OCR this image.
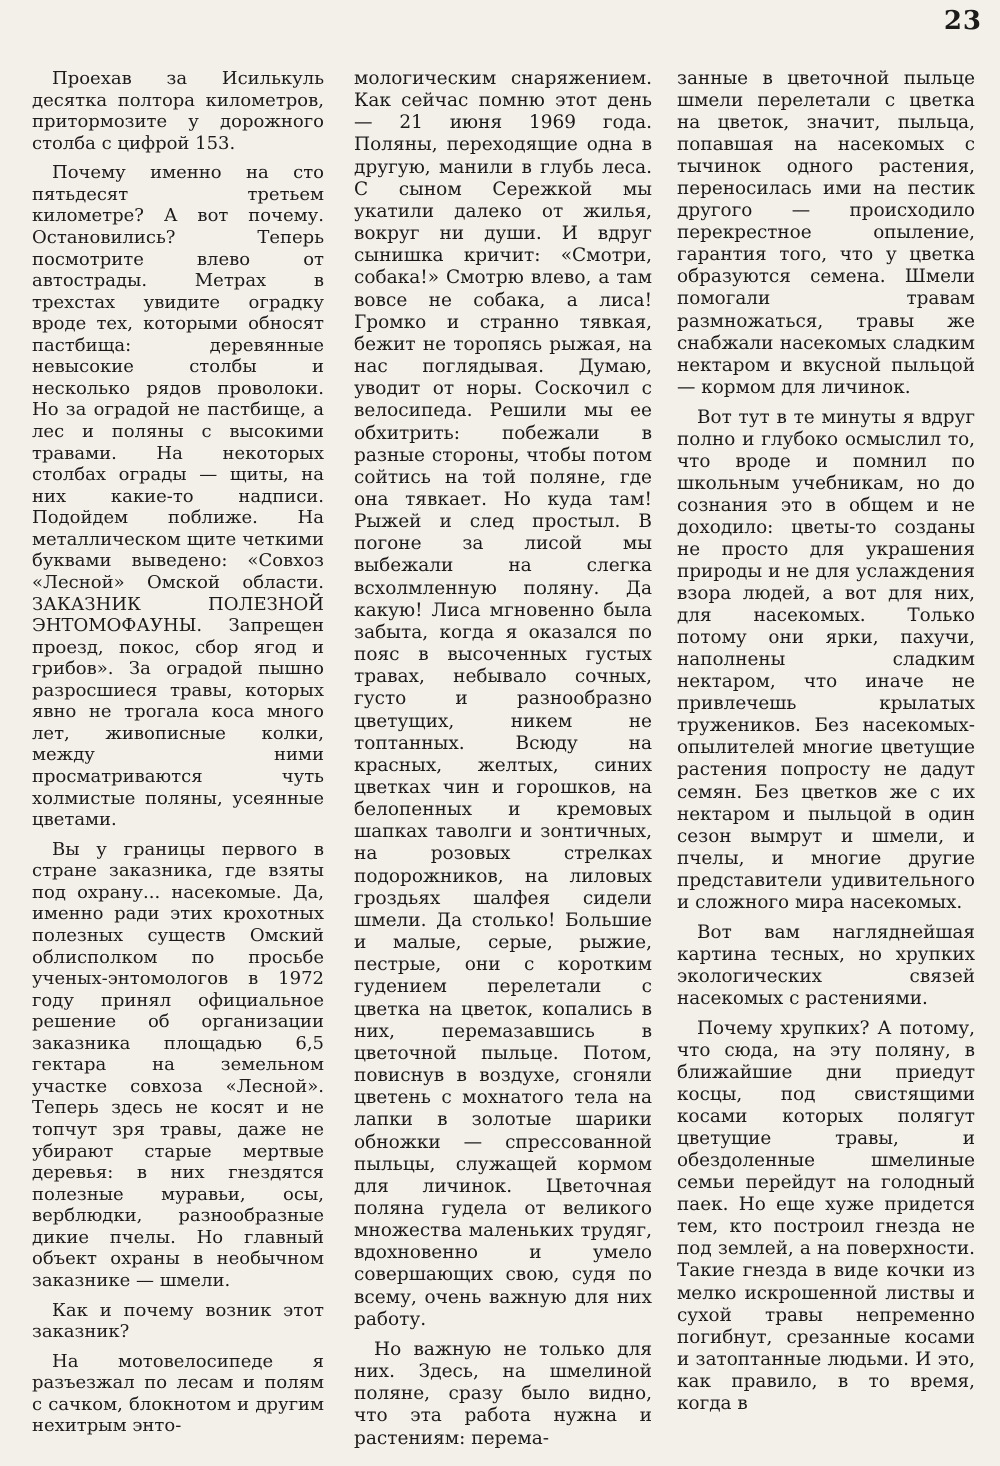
23

Проехав за Исилькуль десятка полтора километров, притормозите у дорожного столба с цифрой 153.

Почему именно на сто пятьдесят третьем километре? А вот почему. Остановились? Теперь посмотрите влево от автострады. Метрах в трехстах увидите оградку вроде тех, которыми обносят пастбища: деревянные невысокие столбы и несколько рядов проволоки. Но за оградой не пастбище, а лес и поляны с высокими травами. На некоторых столбах ограды — щиты, на них какие-то надписи. Подойдем поближе. На металлическом щите четкими буквами выведено: «Совхоз «Лесной» Омской области. ЗАКАЗНИК ПОЛЕЗНОЙ ЭНТОМОФАУНЫ. Запрещен проезд, покос, сбор ягод и грибов». За оградой пышно разросшиеся травы, которых явно не трогала коса много лет, живописные колки, между ними просматриваются чуть холмистые поляны, усеянные цветами.

Вы у границы первого в стране заказника, где взяты под охрану... насекомые. Да, именно ради этих крохотных полезных существ Омский облисполком по просьбе ученых-энтомологов в 1972 году принял официальное решение об организации заказника площадью 6,5 гектара на земельном участке совхоза «Лесной». Теперь здесь не косят и не топчут зря травы, даже не убирают старые мертвые деревья: в них гнездятся полезные муравьи, осы, верблюдки, разнообразные дикие пчелы. Но главный объект охраны в необычном заказнике — шмели.

Как и почему возник этот заказник?

На мотовелосипеде я разъезжал по лесам и полям с сачком, блокнотом и другим нехитрым энто-

мологическим снаряжением. Как сейчас помню этот день — 21 июня 1969 года. Поляны, переходящие одна в другую, манили в глубь леса. С сыном Сережкой мы укатили далеко от жилья, вокруг ни души. И вдруг сынишка кричит: «Смотри, собака!» Смотрю влево, а там вовсе не собака, а лиса! Громко и странно тявкая, бежит не торопясь рыжая, на нас поглядывая. Думаю, уводит от норы. Соскочил с велосипеда. Решили мы ее обхитрить: побежали в разные стороны, чтобы потом сойтись на той поляне, где она тявкает. Но куда там! Рыжей и след простыл. В погоне за лисой мы выбежали на слегка всхолмленную поляну. Да какую! Лиса мгновенно была забыта, когда я оказался по пояс в высоченных густых травах, небывало сочных, густо и разнообразно цветущих, никем не топтанных. Всюду на красных, желтых, синих цветках чин и горошков, на белопенных и кремовых шапках таволги и зонтичных, на розовых стрелках подорожников, на лиловых гроздьях шалфея сидели шмели. Да столько! Большие и малые, серые, рыжие, пестрые, они с коротким гудением перелетали с цветка на цветок, копались в них, перемазавшись в цветочной пыльце. Потом, повиснув в воздухе, сгоняли цветень с мохнатого тела на лапки в золотые шарики обножки — спрессованной пыльцы, служащей кормом для личинок. Цветочная поляна гудела от великого множества маленьких трудяг, вдохновенно и умело совершающих свою, судя по всему, очень важную для них работу.

Но важную не только для них. Здесь, на шмелиной поляне, сразу было видно, что эта работа нужна и растениям: перема-

занные в цветочной пыльце шмели перелетали с цветка на цветок, значит, пыльца, попавшая на насекомых с тычинок одного растения, переносилась ими на пестик другого — происходило перекрестное опыление, гарантия того, что у цветка образуются семена. Шмели помогали травам размножаться, травы же снабжали насекомых сладким нектаром и вкусной пыльцой — кормом для личинок.

Вот тут в те минуты я вдруг полно и глубоко осмыслил то, что вроде и помнил по школьным учебникам, но до сознания это в общем и не доходило: цветы-то созданы не просто для украшения природы и не для услаждения взора людей, а вот для них, для насекомых. Только потому они ярки, пахучи, наполнены сладким нектаром, что иначе не привлечешь крылатых тружеников. Без насекомых-опылителей многие цветущие растения попросту не дадут семян. Без цветков же с их нектаром и пыльцой в один сезон вымрут и шмели, и пчелы, и многие другие представители удивительного и сложного мира насекомых.

Вот вам нагляднейшая картина тесных, но хрупких экологических связей насекомых с растениями.

Почему хрупких? А потому, что сюда, на эту поляну, в ближайшие дни приедут косцы, под свистящими косами которых полягут цветущие травы, и обездоленные шмелиные семьи перейдут на голодный паек. Но еще хуже придется тем, кто построил гнезда не под землей, а на поверхности. Такие гнезда в виде кочки из мелко искрошенной листвы и сухой травы непременно погибнут, срезанные косами и затоптанные людьми. И это, как правило, в то время, когда в
